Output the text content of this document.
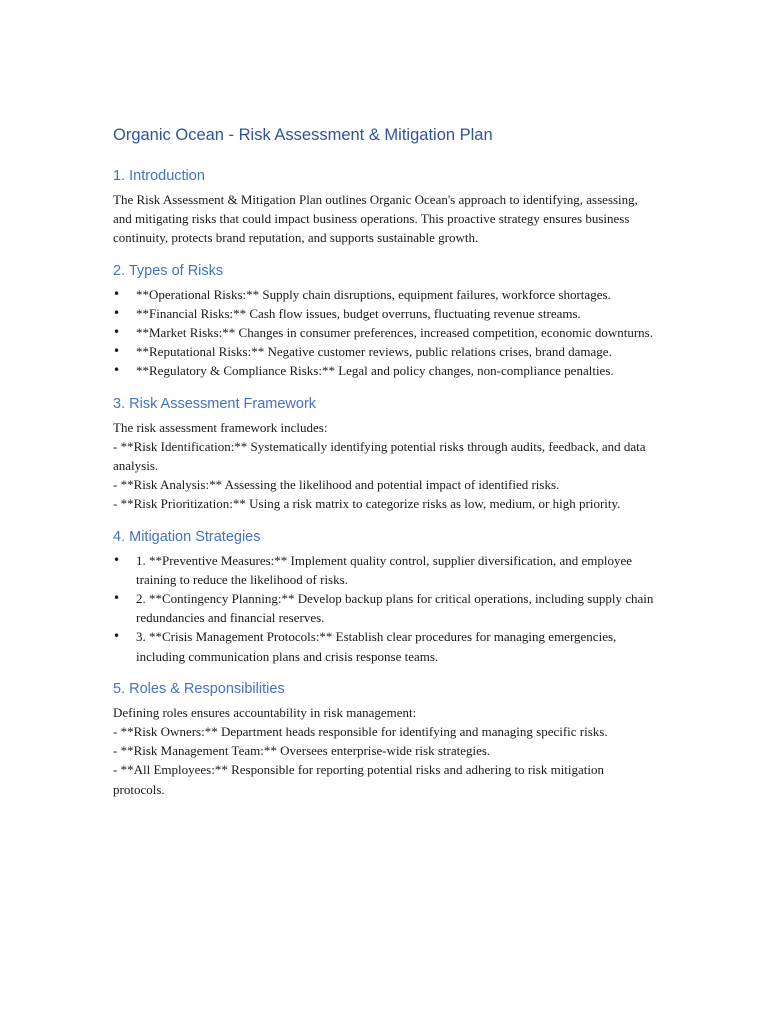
Organic Ocean - Risk Assessment & Mitigation Plan
1. Introduction

The Risk Assessment & Mitigation Plan outlines Organic Ocean's approach to identifying, assessing, and mitigating risks that could impact business operations. This proactive strategy ensures business continuity, protects brand reputation, and supports sustainable growth.

2. Types of Risks
•	**Operational Risks:** Supply chain disruptions, equipment failures, workforce shortages.
•	**Financial Risks:** Cash flow issues, budget overruns, fluctuating revenue streams.
•	**Market Risks:** Changes in consumer preferences, increased competition, economic downturns.
•	**Reputational Risks:** Negative customer reviews, public relations crises, brand damage.
•	**Regulatory & Compliance Risks:** Legal and policy changes, non-compliance penalties.
3. Risk Assessment Framework
The risk assessment framework includes:
- **Risk Identification:** Systematically identifying potential risks through audits, feedback, and data analysis.
- **Risk Analysis:** Assessing the likelihood and potential impact of identified risks.
- **Risk Prioritization:** Using a risk matrix to categorize risks as low, medium, or high priority.
4. Mitigation Strategies
•	1. **Preventive Measures:** Implement quality control, supplier diversification, and employee training to reduce the likelihood of risks.
•	2. **Contingency Planning:** Develop backup plans for critical operations, including supply chain redundancies and financial reserves.
•	3. **Crisis Management Protocols:** Establish clear procedures for managing emergencies, including communication plans and crisis response teams.
5. Roles & Responsibilities
Defining roles ensures accountability in risk management:
- **Risk Owners:** Department heads responsible for identifying and managing specific risks.
- **Risk Management Team:** Oversees enterprise-wide risk strategies.
- **All Employees:** Responsible for reporting potential risks and adhering to risk mitigation protocols.
